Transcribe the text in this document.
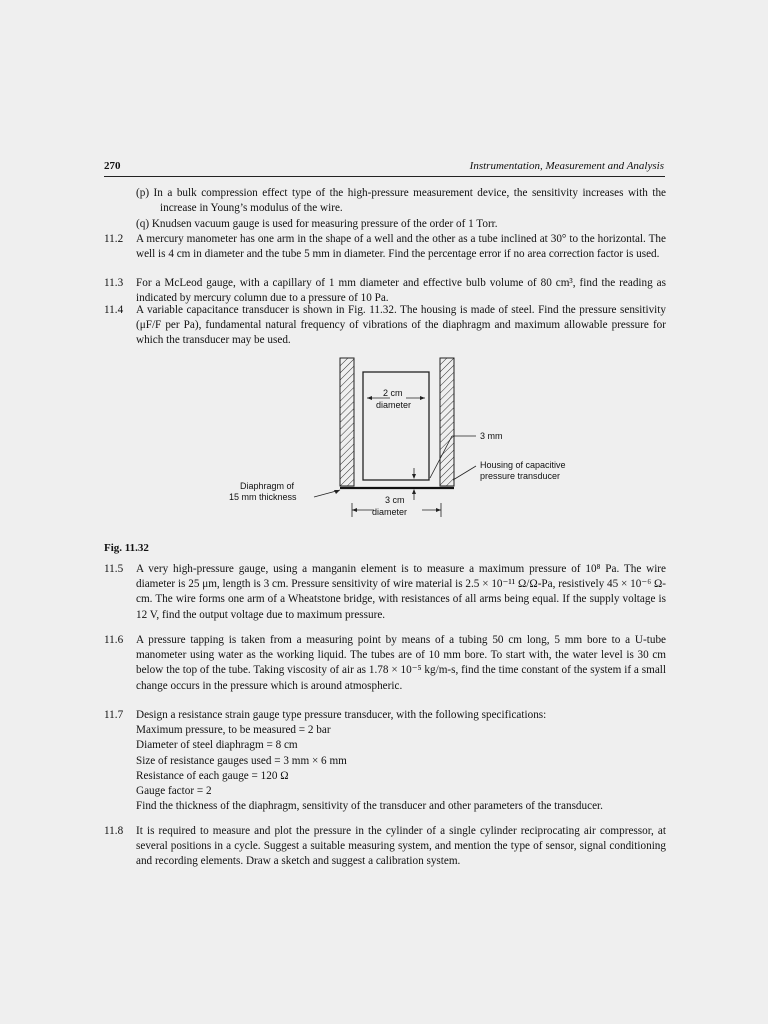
270	Instrumentation, Measurement and Analysis
(p) In a bulk compression effect type of the high-pressure measurement device, the sensitivity increases with the increase in Young’s modulus of the wire.
(q) Knudsen vacuum gauge is used for measuring pressure of the order of 1 Torr.
11.2	A mercury manometer has one arm in the shape of a well and the other as a tube inclined at 30° to the horizontal. The well is 4 cm in diameter and the tube 5 mm in diameter. Find the percentage error if no area correction factor is used.
11.3	For a McLeod gauge, with a capillary of 1 mm diameter and effective bulb volume of 80 cm³, find the reading as indicated by mercury column due to a pressure of 10 Pa.
11.4	A variable capacitance transducer is shown in Fig. 11.32. The housing is made of steel. Find the pressure sensitivity (μF/F per Pa), fundamental natural frequency of vibrations of the diaphragm and maximum allowable pressure for which the transducer may be used.
2 cm
diameter
3 mm
Housing of capacitive
pressure transducer
Diaphragm of
15 mm thickness	3 cm
diameter
Fig. 11.32
11.5	A very high-pressure gauge, using a manganin element is to measure a maximum pressure of 10⁸ Pa. The wire diameter is 25 μm, length is 3 cm. Pressure sensitivity of wire material is 2.5 × 10⁻¹¹ Ω/Ω-Pa, resistively 45 × 10⁻⁶ Ω-cm. The wire forms one arm of a Wheatstone bridge, with resistances of all arms being equal. If the supply voltage is 12 V, find the output voltage due to maximum pressure.
11.6	A pressure tapping is taken from a measuring point by means of a tubing 50 cm long, 5 mm bore to a U-tube manometer using water as the working liquid. The tubes are of 10 mm bore. To start with, the water level is 30 cm below the top of the tube. Taking viscosity of air as 1.78 × 10⁻⁵ kg/m-s, find the time constant of the system if a small change occurs in the pressure which is around atmospheric.
11.7	Design a resistance strain gauge type pressure transducer, with the following specifications:
Maximum pressure, to be measured = 2 bar
Diameter of steel diaphragm = 8 cm
Size of resistance gauges used = 3 mm × 6 mm
Resistance of each gauge = 120 Ω
Gauge factor = 2
Find the thickness of the diaphragm, sensitivity of the transducer and other parameters of the transducer.
11.8	It is required to measure and plot the pressure in the cylinder of a single cylinder reciprocating air compressor, at several positions in a cycle. Suggest a suitable measuring system, and mention the type of sensor, signal conditioning and recording elements. Draw a sketch and suggest a calibration system.
